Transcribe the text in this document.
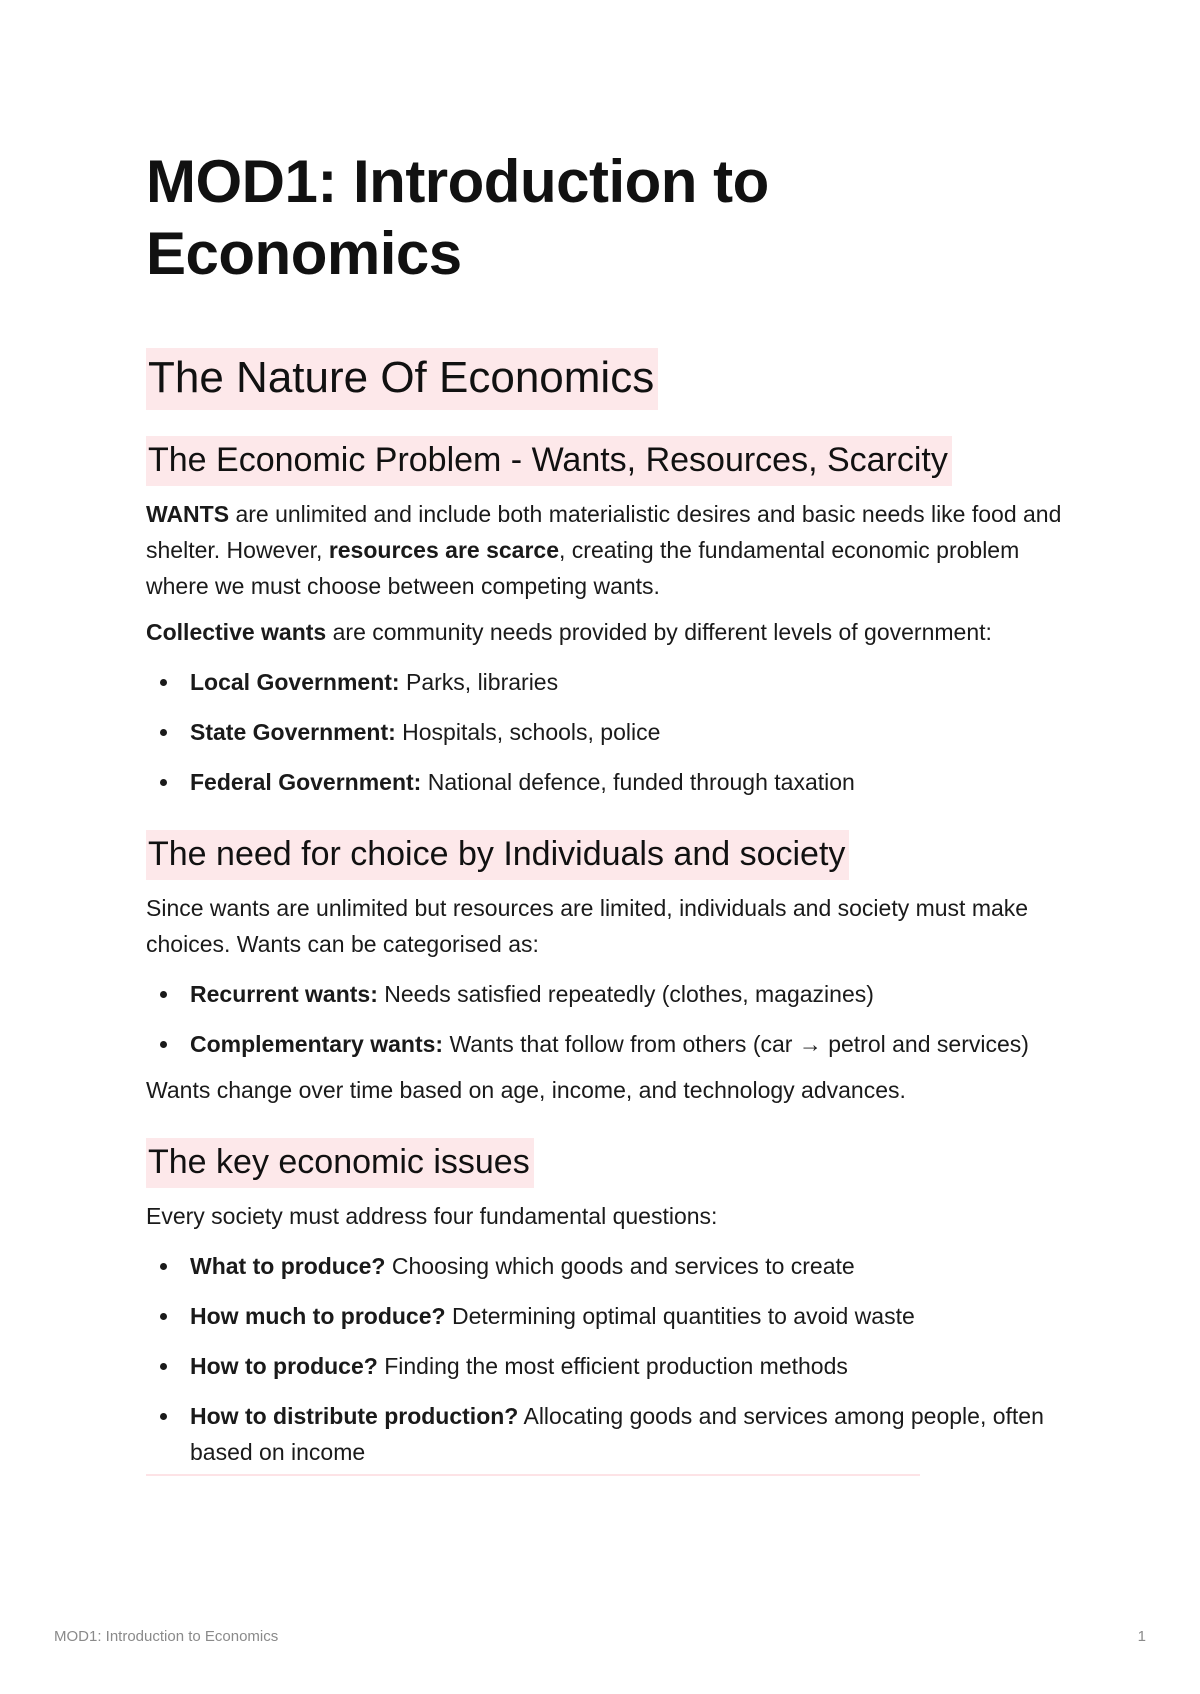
MOD1: Introduction to Economics
The Nature Of Economics
The Economic Problem - Wants, Resources, Scarcity

WANTS are unlimited and include both materialistic desires and basic needs like food and shelter. However, resources are scarce, creating the fundamental economic problem where we must choose between competing wants.

Collective wants are community needs provided by different levels of government:

Local Government: Parks, libraries
State Government: Hospitals, schools, police
Federal Government: National defence, funded through taxation
The need for choice by Individuals and society

Since wants are unlimited but resources are limited, individuals and society must make choices. Wants can be categorised as:

Recurrent wants: Needs satisfied repeatedly (clothes, magazines)
Complementary wants: Wants that follow from others (car → petrol and services)

Wants change over time based on age, income, and technology advances.

The key economic issues

Every society must address four fundamental questions:

What to produce? Choosing which goods and services to create
How much to produce? Determining optimal quantities to avoid waste
How to produce? Finding the most efficient production methods
How to distribute production? Allocating goods and services among people, often based on income
MOD1: Introduction to Economics	1
